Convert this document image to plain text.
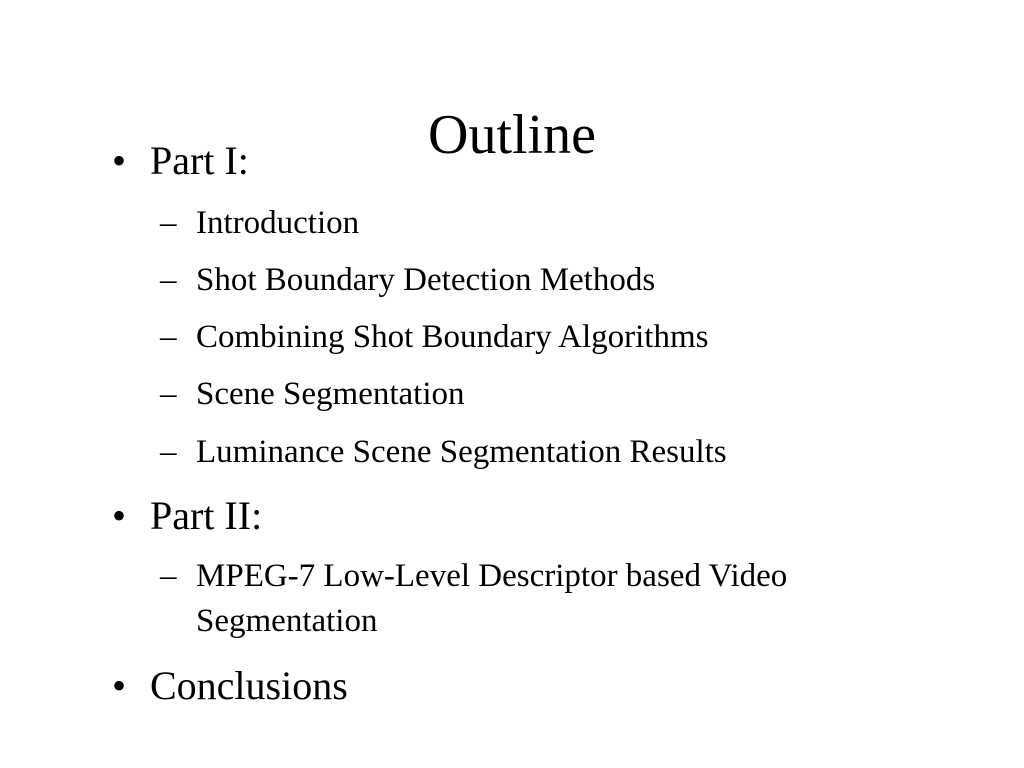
Outline
• Part I:
– Introduction
– Shot Boundary Detection Methods
– Combining Shot Boundary Algorithms
– Scene Segmentation
– Luminance Scene Segmentation Results
• Part II:
– MPEG-7 Low-Level Descriptor based Video
Segmentation
• Conclusions
